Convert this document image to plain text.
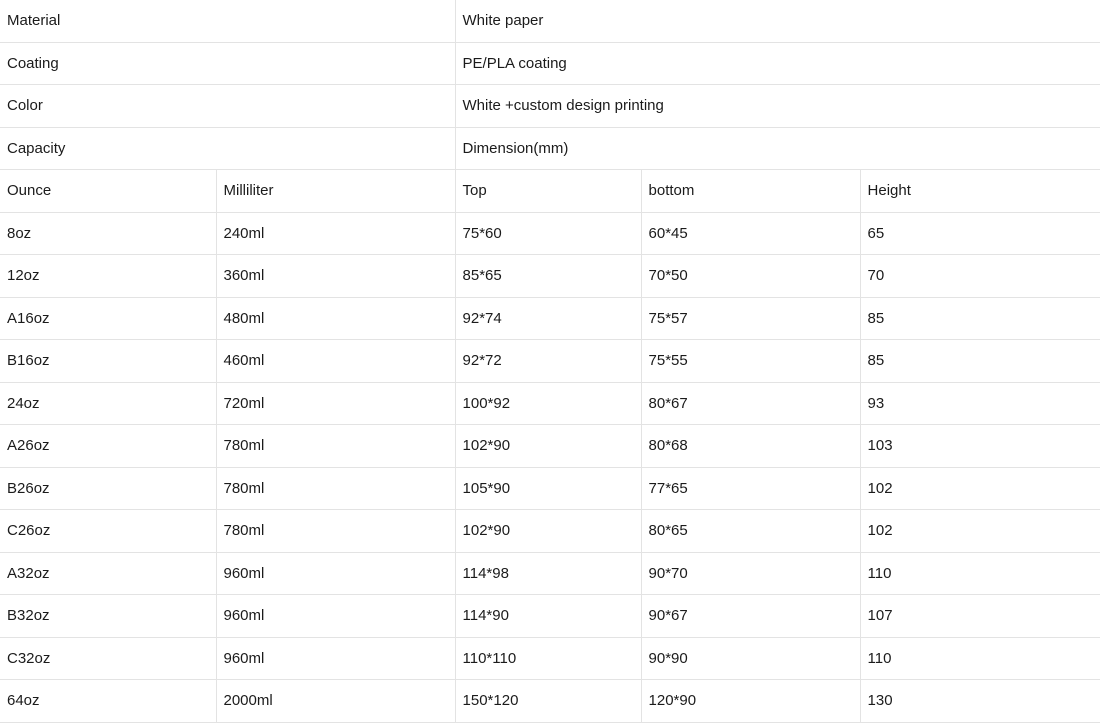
Material		White paper		
Coating		PE/PLA coating		
Color		White +custom design printing		
Capacity		Dimension(mm)		
Ounce	Milliliter	Top	bottom	Height
8oz	240ml	75*60	60*45	65
12oz	360ml	85*65	70*50	70
A16oz	480ml	92*74	75*57	85
B16oz	460ml	92*72	75*55	85
24oz	720ml	100*92	80*67	93
A26oz	780ml	102*90	80*68	103
B26oz	780ml	105*90	77*65	102
C26oz	780ml	102*90	80*65	102
A32oz	960ml	114*98	90*70	110
B32oz	960ml	114*90	90*67	107
C32oz	960ml	110*110	90*90	110
64oz	2000ml	150*120	120*90	130
